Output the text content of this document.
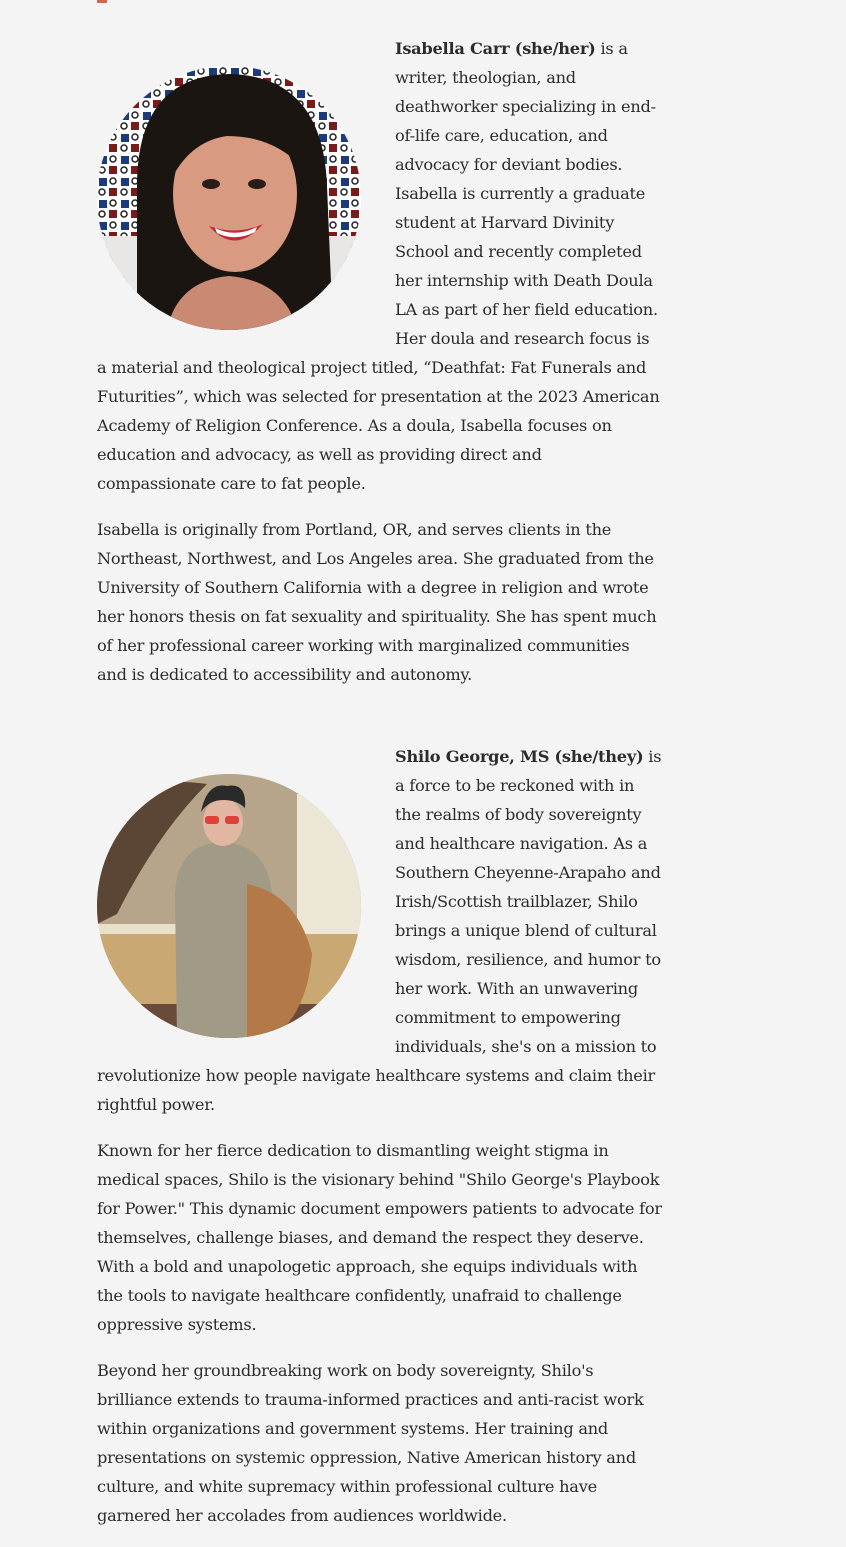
Isabella Carr (she/her) is a writer, theologian, and deathworker specializing in end-of-life care, education, and advocacy for deviant bodies. Isabella is currently a graduate student at Harvard Divinity School and recently completed her internship with Death Doula LA as part of her field education. Her doula and research focus is a material and theological project titled, “Deathfat: Fat Funerals and Futurities”, which was selected for presentation at the 2023 American Academy of Religion Conference. As a doula, Isabella focuses on education and advocacy, as well as providing direct and compassionate care to fat people.

Isabella is originally from Portland, OR, and serves clients in the Northeast, Northwest, and Los Angeles area. She graduated from the University of Southern California with a degree in religion and wrote her honors thesis on fat sexuality and spirituality. She has spent much of her professional career working with marginalized communities and is dedicated to accessibility and autonomy.

Shilo George, MS (she/they) is a force to be reckoned with in the realms of body sovereignty and healthcare navigation. As a Southern Cheyenne-Arapaho and Irish/Scottish trailblazer, Shilo brings a unique blend of cultural wisdom, resilience, and humor to her work. With an unwavering commitment to empowering individuals, she's on a mission to revolutionize how people navigate healthcare systems and claim their rightful power.

Known for her fierce dedication to dismantling weight stigma in medical spaces, Shilo is the visionary behind "Shilo George's Playbook for Power." This dynamic document empowers patients to advocate for themselves, challenge biases, and demand the respect they deserve. With a bold and unapologetic approach, she equips individuals with the tools to navigate healthcare confidently, unafraid to challenge oppressive systems.

Beyond her groundbreaking work on body sovereignty, Shilo's brilliance extends to trauma-informed practices and anti-racist work within organizations and government systems. Her training and presentations on systemic oppression, Native American history and culture, and white supremacy within professional culture have garnered her accolades from audiences worldwide.
